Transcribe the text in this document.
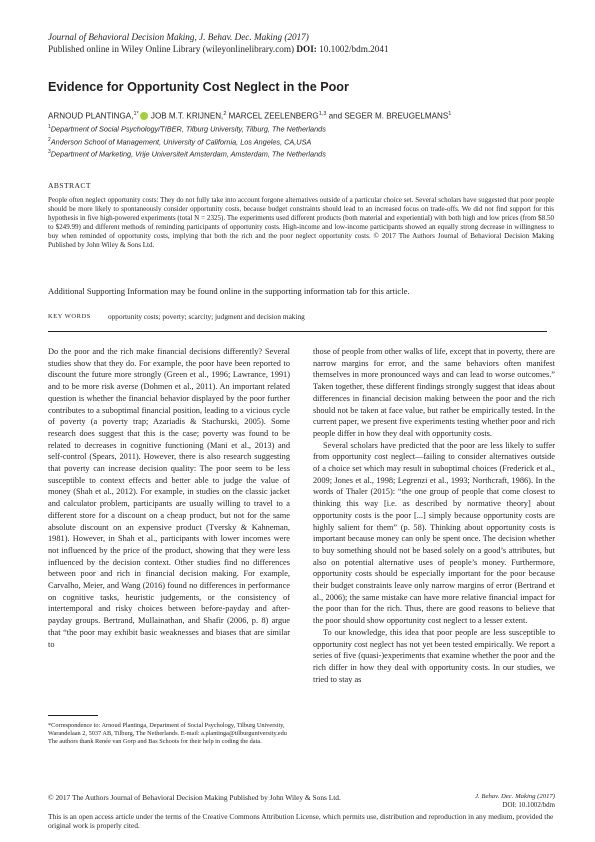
Journal of Behavioral Decision Making, J. Behav. Dec. Making (2017)
Published online in Wiley Online Library (wileyonlinelibrary.com) DOI: 10.1002/bdm.2041
Evidence for Opportunity Cost Neglect in the Poor
ARNOUD PLANTINGA,$^{1*}$ JOB M.T. KRIJNEN,$^2$ MARCEL ZEELENBERG$^{1,3}$ and SEGER M. BREUGELMANS$^1$
$^1$Department of Social Psychology/TIBER, Tilburg University, Tilburg, The Netherlands
$^2$Anderson School of Management, University of California, Los Angeles, CA,USA
$^3$Department of Marketing, Vrije Universiteit Amsterdam, Amsterdam, The Netherlands
ABSTRACT
People often neglect opportunity costs: They do not fully take into account forgone alternatives outside of a particular choice set. Several scholars have suggested that poor people should be more likely to spontaneously consider opportunity costs, because budget constraints should lead to an increased focus on trade-offs. We did not find support for this hypothesis in five high-powered experiments (total N = 2325). The experiments used different products (both material and experiential) with both high and low prices (from $8.50 to $249.99) and different methods of reminding participants of opportunity costs. High-income and low-income participants showed an equally strong decrease in willingness to buy when reminded of opportunity costs, implying that both the rich and the poor neglect opportunity costs. © 2017 The Authors Journal of Behavioral Decision Making Published by John Wiley & Sons Ltd.
Additional Supporting Information may be found online in the supporting information tab for this article.
KEY WORDS opportunity costs; poverty; scarcity; judgment and decision making

Do the poor and the rich make financial decisions differently? Several studies show that they do. For example, the poor have been reported to discount the future more strongly (Green et al., 1996; Lawrance, 1991) and to be more risk averse (Dohmen et al., 2011). An important related question is whether the financial behavior displayed by the poor further contributes to a suboptimal financial position, leading to a vicious cycle of poverty (a poverty trap; Azariadis & Stachurski, 2005). Some research does suggest that this is the case; poverty was found to be related to decreases in cognitive functioning (Mani et al., 2013) and self-control (Spears, 2011). However, there is also research suggesting that poverty can increase decision quality: The poor seem to be less susceptible to context effects and better able to judge the value of money (Shah et al., 2012). For example, in studies on the classic jacket and calculator problem, participants are usually willing to travel to a different store for a discount on a cheap product, but not for the same absolute discount on an expensive product (Tversky & Kahneman, 1981). However, in Shah et al., participants with lower incomes were not influenced by the price of the product, showing that they were less influenced by the decision context. Other studies find no differences between poor and rich in financial decision making. For example, Carvalho, Meier, and Wang (2016) found no differences in performance on cognitive tasks, heuristic judgements, or the consistency of intertemporal and risky choices between before-payday and after-payday groups. Bertrand, Mullainathan, and Shafir (2006, p. 8) argue that “the poor may exhibit basic weaknesses and biases that are similar to

those of people from other walks of life, except that in poverty, there are narrow margins for error, and the same behaviors often manifest themselves in more pronounced ways and can lead to worse outcomes.” Taken together, these different findings strongly suggest that ideas about differences in financial decision making between the poor and the rich should not be taken at face value, but rather be empirically tested. In the current paper, we present five experiments testing whether poor and rich people differ in how they deal with opportunity costs.

Several scholars have predicted that the poor are less likely to suffer from opportunity cost neglect—failing to consider alternatives outside of a choice set which may result in suboptimal choices (Frederick et al., 2009; Jones et al., 1998; Legrenzi et al., 1993; Northcraft, 1986). In the words of Thaler (2015): “the one group of people that come closest to thinking this way [i.e. as described by normative theory] about opportunity costs is the poor [...] simply because opportunity costs are highly salient for them” (p. 58). Thinking about opportunity costs is important because money can only be spent once. The decision whether to buy something should not be based solely on a good’s attributes, but also on potential alternative uses of people’s money. Furthermore, opportunity costs should be especially important for the poor because their budget constraints leave only narrow margins of error (Bertrand et al., 2006); the same mistake can have more relative financial impact for the poor than for the rich. Thus, there are good reasons to believe that the poor should show opportunity cost neglect to a lesser extent.

To our knowledge, this idea that poor people are less susceptible to opportunity cost neglect has not yet been tested empirically. We report a series of five (quasi-)experiments that examine whether the poor and the rich differ in how they deal with opportunity costs. In our studies, we tried to stay as

*Correspondence to: Arnoud Plantinga, Department of Social Psychology, Tilburg University, Warandelaan 2, 5037 AB, Tilburg, The Netherlands. E-mail: a.plantinga@tilburguniversity.edu

The authors thank Renée van Gorp and Bas Schoots for their help in coding the data.

© 2017 The Authors Journal of Behavioral Decision Making Published by John Wiley & Sons Ltd.	J. Behav. Dec. Making (2017)
DOI: 10.1002/bdm
This is an open access article under the terms of the Creative Commons Attribution License, which permits use, distribution and reproduction in any medium, provided the original work is properly cited.
